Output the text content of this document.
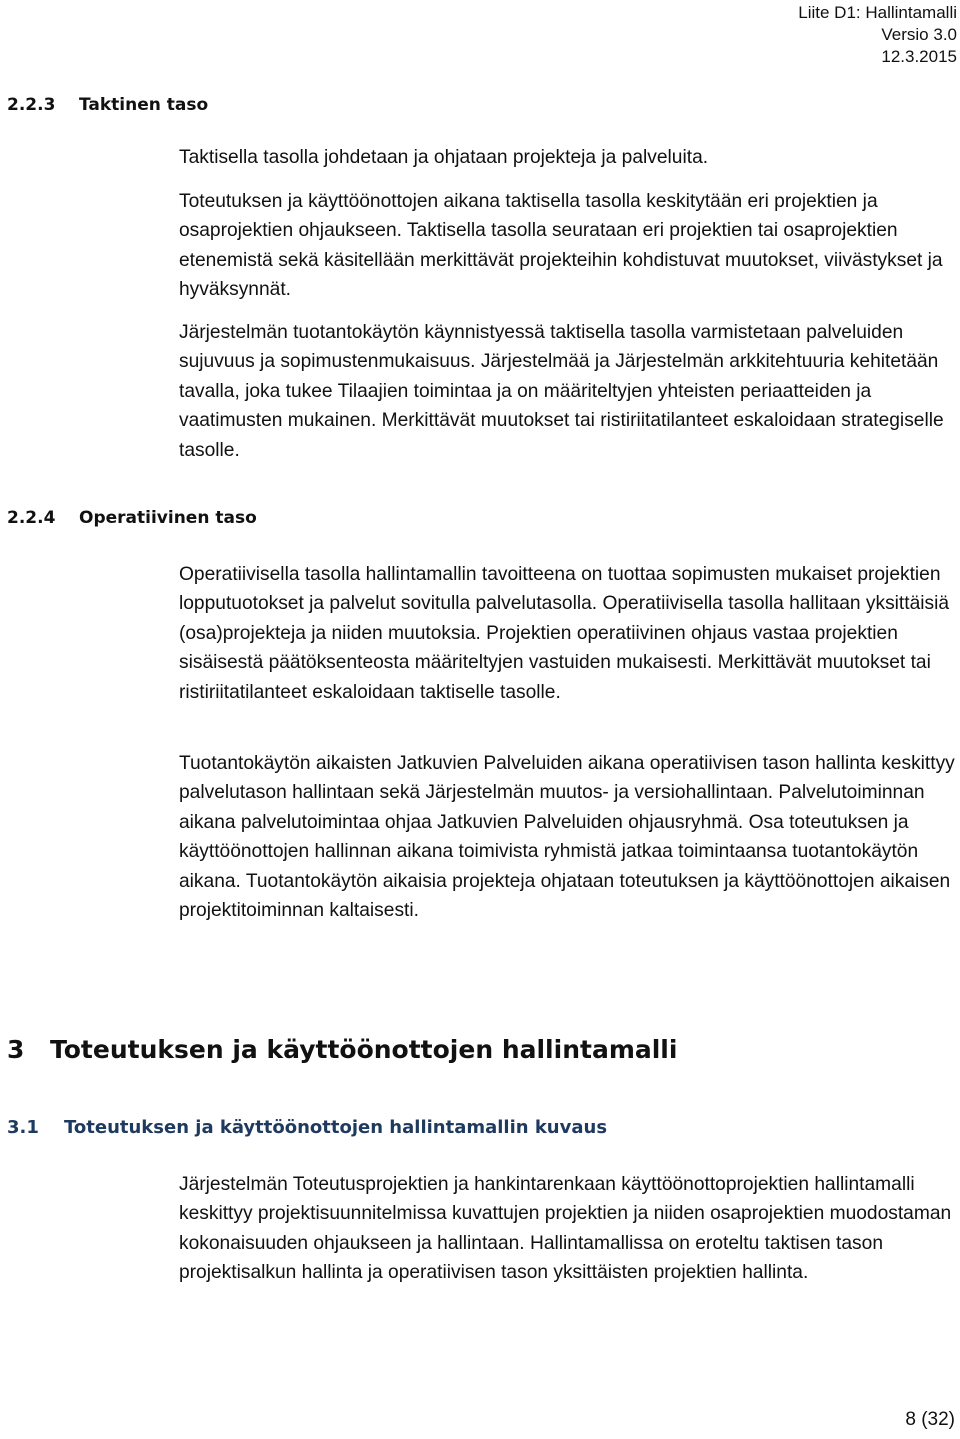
Liite D1: Hallintamalli
Versio 3.0
12.3.2015
2.2.3 Taktinen taso

Taktisella tasolla johdetaan ja ohjataan projekteja ja palveluita.

Toteutuksen ja käyttöönottojen aikana taktisella tasolla keskitytään eri projektien ja osaprojektien ohjaukseen. Taktisella tasolla seurataan eri projektien tai osaprojektien etenemistä sekä käsitellään merkittävät projekteihin kohdistuvat muutokset, viivästykset ja hyväksynnät.

Järjestelmän tuotantokäytön käynnistyessä taktisella tasolla varmistetaan palveluiden sujuvuus ja sopimustenmukaisuus. Järjestelmää ja Järjestelmän arkkitehtuuria kehitetään tavalla, joka tukee Tilaajien toimintaa ja on määriteltyjen yhteisten periaatteiden ja vaatimusten mukainen. Merkittävät muutokset tai ristiriitatilanteet eskaloidaan strategiselle tasolle.

2.2.4 Operatiivinen taso

Operatiivisella tasolla hallintamallin tavoitteena on tuottaa sopimusten mukaiset projektien lopputuotokset ja palvelut sovitulla palvelutasolla. Operatiivisella tasolla hallitaan yksittäisiä (osa)projekteja ja niiden muutoksia. Projektien operatiivinen ohjaus vastaa projektien sisäisestä päätöksenteosta määriteltyjen vastuiden mukaisesti. Merkittävät muutokset tai ristiriitatilanteet eskaloidaan taktiselle tasolle.

Tuotantokäytön aikaisten Jatkuvien Palveluiden aikana operatiivisen tason hallinta keskittyy palvelutason hallintaan sekä Järjestelmän muutos- ja versiohallintaan. Palvelutoiminnan aikana palvelutoimintaa ohjaa Jatkuvien Palveluiden ohjausryhmä. Osa toteutuksen ja käyttöönottojen hallinnan aikana toimivista ryhmistä jatkaa toimintaansa tuotantokäytön aikana. Tuotantokäytön aikaisia projekteja ohjataan toteutuksen ja käyttöönottojen aikaisen projektitoiminnan kaltaisesti.

3 Toteutuksen ja käyttöönottojen hallintamalli
3.1 Toteutuksen ja käyttöönottojen hallintamallin kuvaus

Järjestelmän Toteutusprojektien ja hankintarenkaan käyttöönottoprojektien hallintamalli keskittyy projektisuunnitelmissa kuvattujen projektien ja niiden osaprojektien muodostaman kokonaisuuden ohjaukseen ja hallintaan. Hallintamallissa on eroteltu taktisen tason projektisalkun hallinta ja operatiivisen tason yksittäisten projektien hallinta.

8 (32)
